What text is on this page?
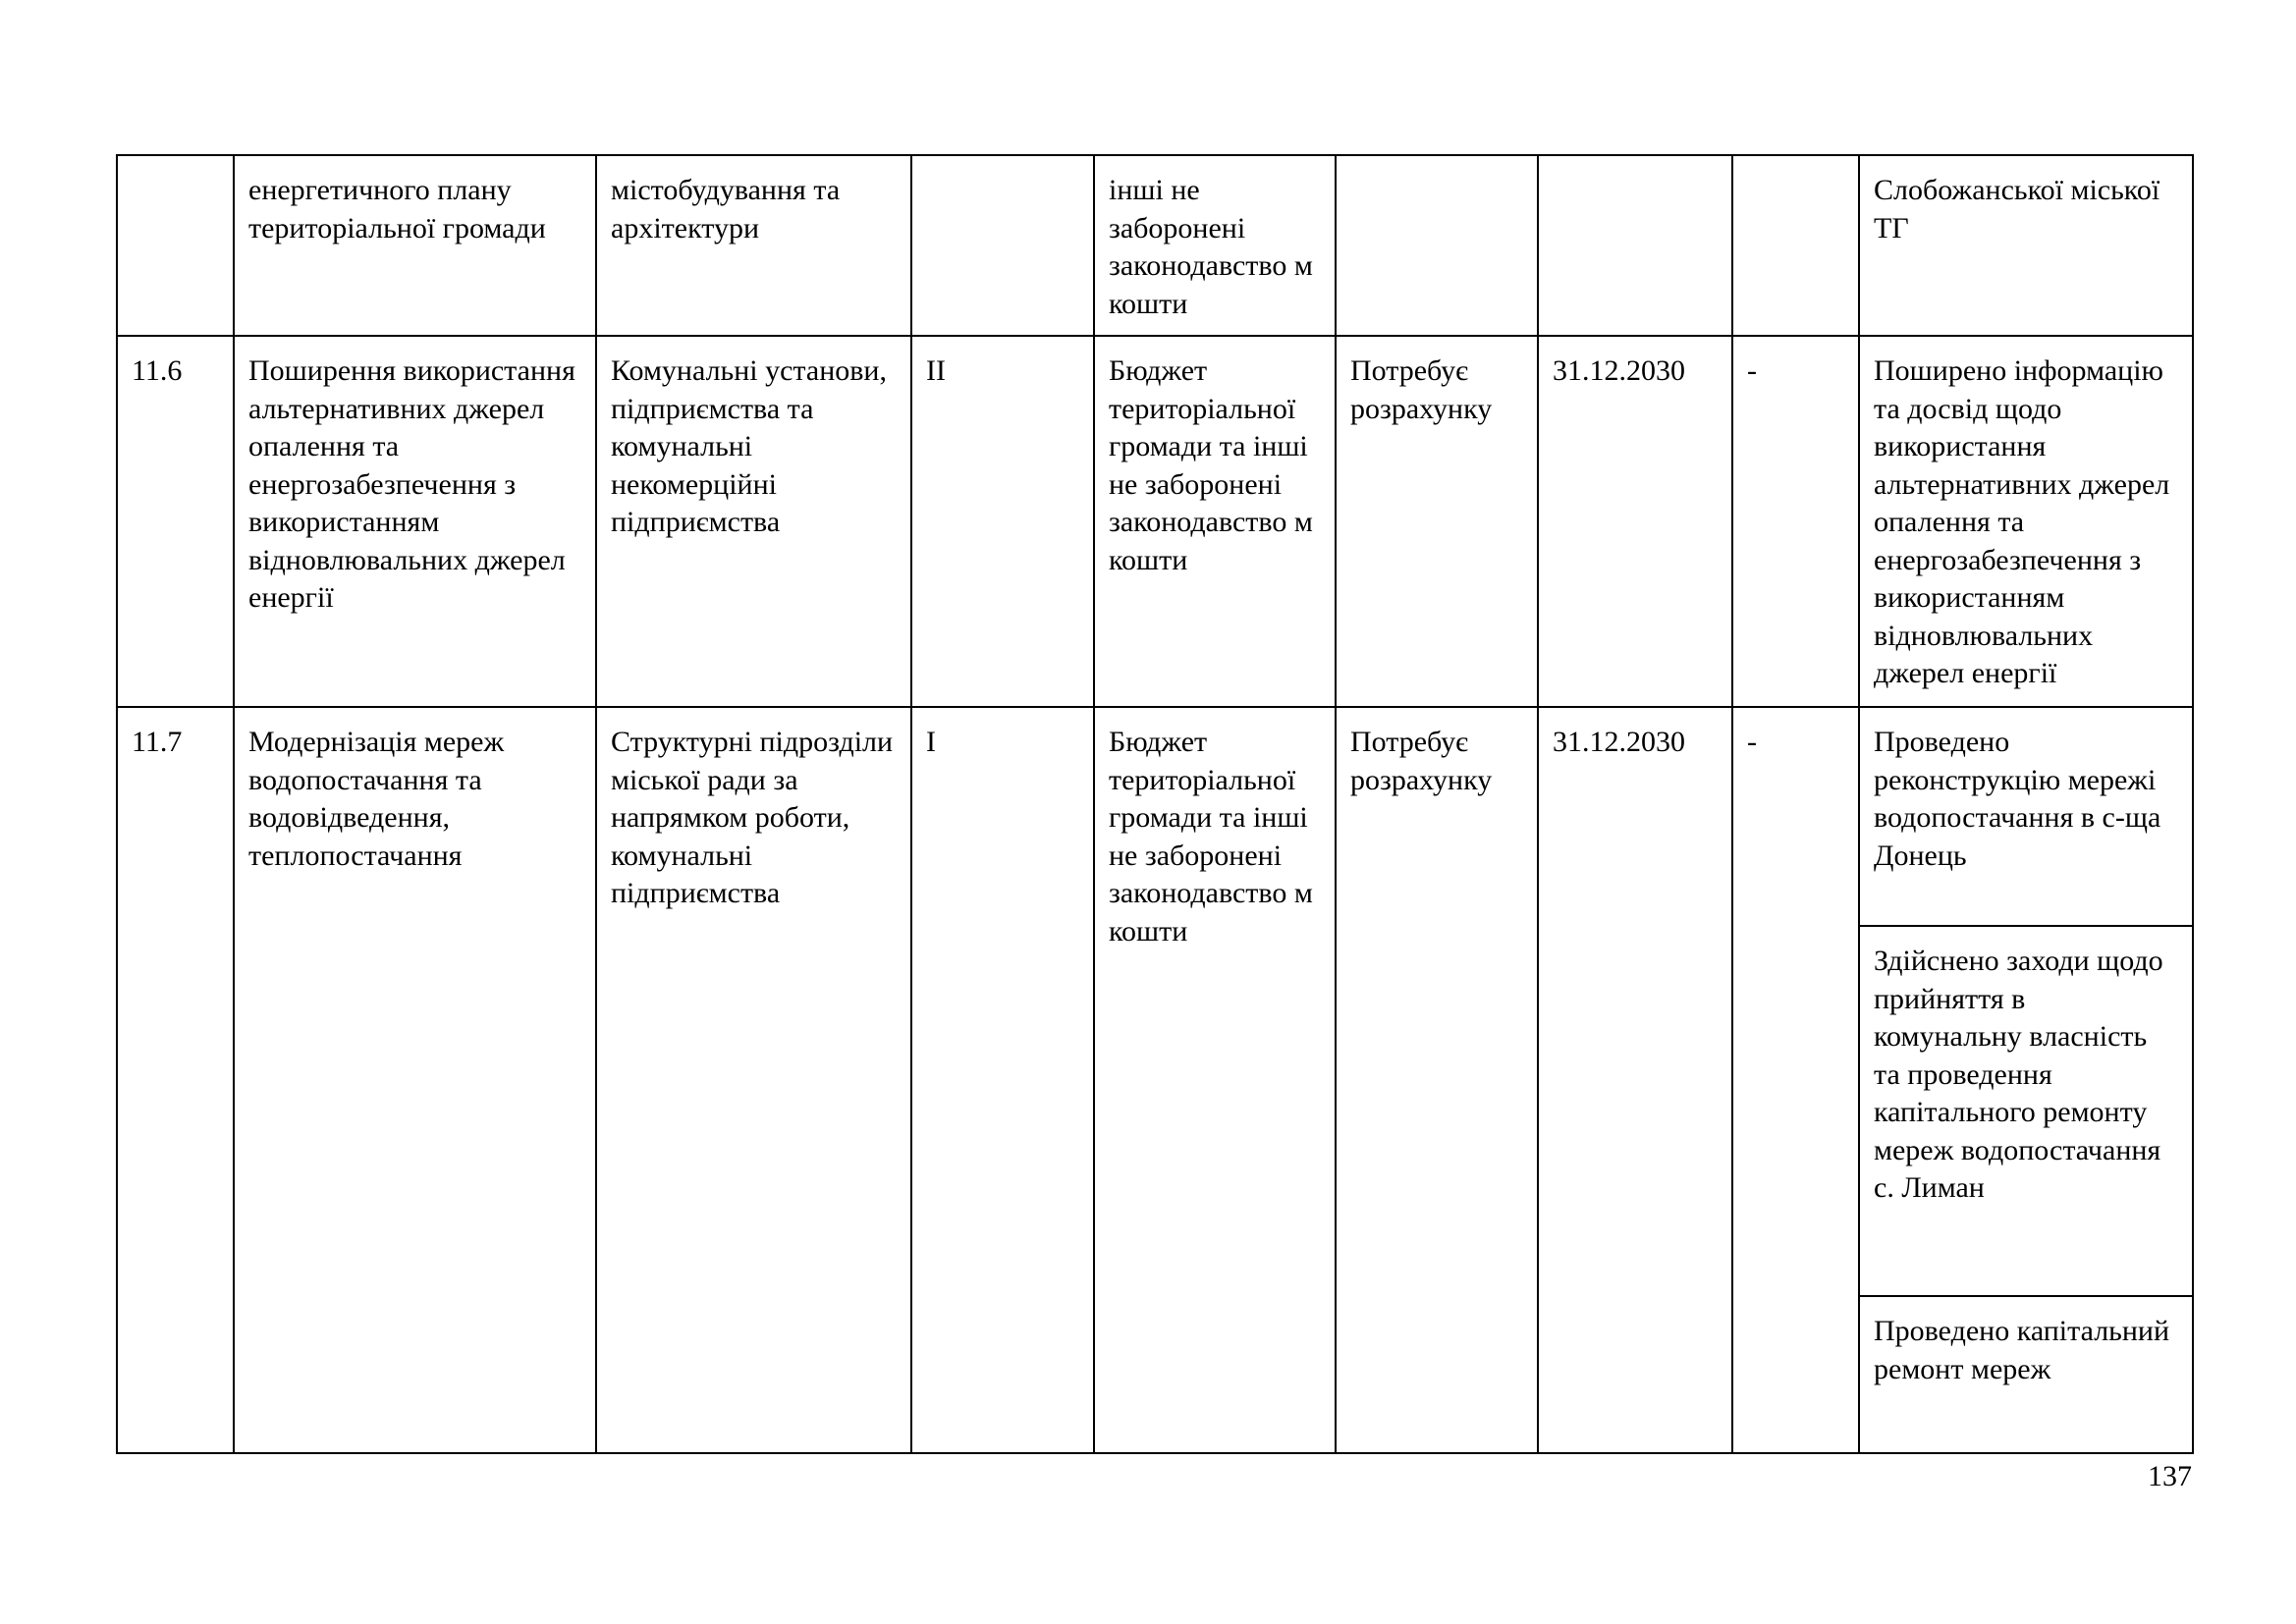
	енергетичного плану територіальної громади	містобудування та архітектури		інші не заборонені законодавство м кошти				Слобожанської міської ТГ
11.6	Поширення використання альтернативних джерел опалення та енергозабезпечення з використанням відновлювальних джерел енергії	Комунальні установи, підприємства та комунальні некомерційні підприємства	II	Бюджет територіальної громади та інші не заборонені законодавство м кошти	Потребує розрахунку	31.12.2030	-	Поширено інформацію та досвід щодо використання альтернативних джерел опалення та енергозабезпечення з використанням відновлювальних джерел енергії
11.7	Модернізація мереж водопостачання та водовідведення, теплопостачання	Структурні підрозділи міської ради за напрямком роботи, комунальні підприємства	I	Бюджет територіальної громади та інші не заборонені законодавство м кошти	Потребує розрахунку	31.12.2030	-	Проведено реконструкцію мережі водопостачання в с-ща Донець
								Здійснено заходи щодо прийняття в комунальну власність та проведення капітального ремонту мереж водопостачання с. Лиман
								Проведено капітальний ремонт мереж
137
